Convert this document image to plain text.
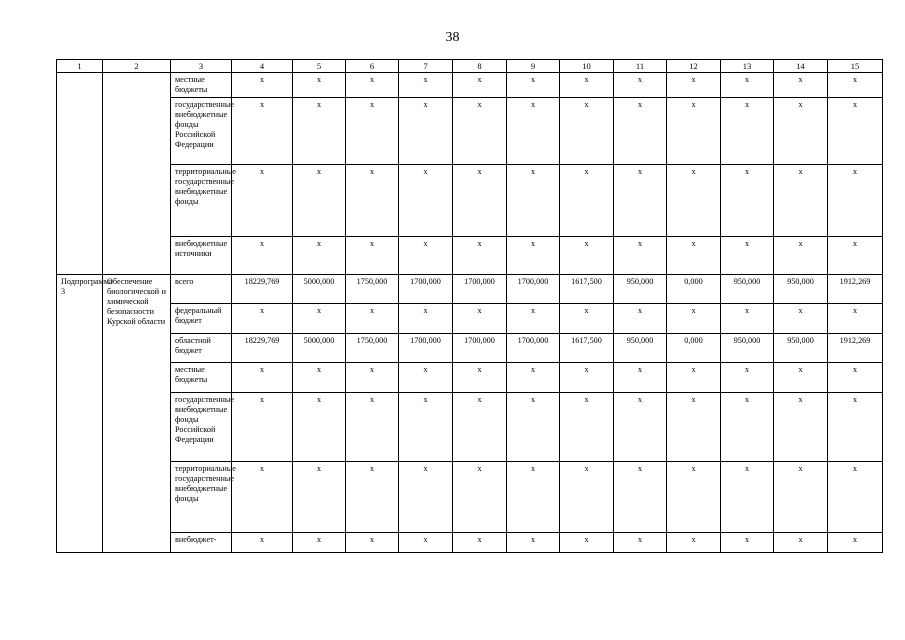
38
1	2	3	4	5	6	7	8	9	10	11	12	13	14	15
		местные бюджеты	х	х	х	х	х	х	х	х	х	х	х	х
		государственные внебюджетные фонды Российской Федерации	х	х	х	х	х	х	х	х	х	х	х	х
		территориальные государственные внебюджетные фонды	х	х	х	х	х	х	х	х	х	х	х	х
		внебюджетные источники	х	х	х	х	х	х	х	х	х	х	х	х
Подпрограмма 3	Обеспечение биологической и химической безопасности Курской области	всего	18229,769	5000,000	1750,000	1700,000	1700,000	1700,000	1617,500	950,000	0,000	950,000	950,000	1912,269
		федеральный бюджет	х	х	х	х	х	х	х	х	х	х	х	х
		областной бюджет	18229,769	5000,000	1750,000	1700,000	1700,000	1700,000	1617,500	950,000	0,000	950,000	950,000	1912,269
		местные бюджеты	х	х	х	х	х	х	х	х	х	х	х	х
		государственные внебюджетные фонды Российской Федерации	х	х	х	х	х	х	х	х	х	х	х	х
		территориальные государственные внебюджетные фонды	х	х	х	х	х	х	х	х	х	х	х	х
		внебюджет-	х	х	х	х	х	х	х	х	х	х	х	х
